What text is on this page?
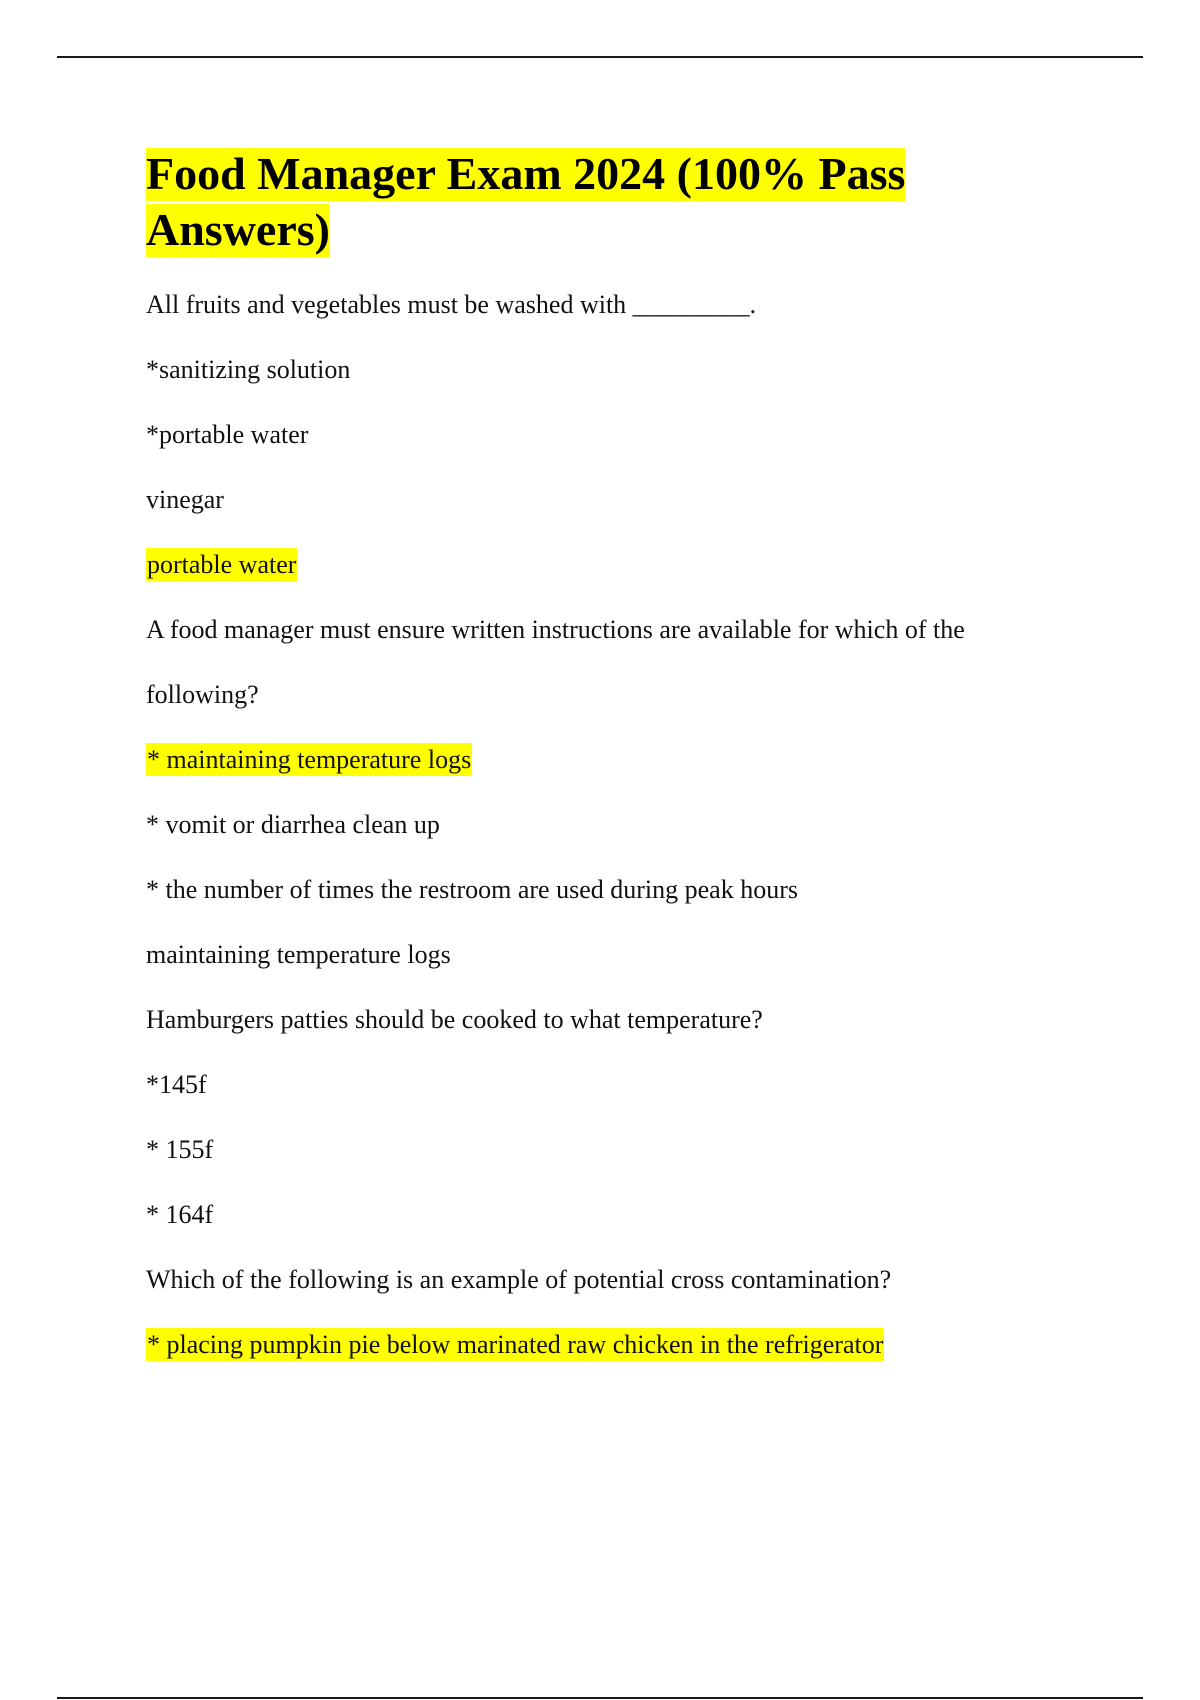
Food Manager Exam 2024 (100% Pass Answers)
All fruits and vegetables must be washed with _________.
*sanitizing solution
*portable water
vinegar
portable water
A food manager must ensure written instructions are available for which of the
following?
* maintaining temperature logs
* vomit or diarrhea clean up
* the number of times the restroom are used during peak hours
maintaining temperature logs
Hamburgers patties should be cooked to what temperature?
*145f
* 155f
* 164f
Which of the following is an example of potential cross contamination?
* placing pumpkin pie below marinated raw chicken in the refrigerator
